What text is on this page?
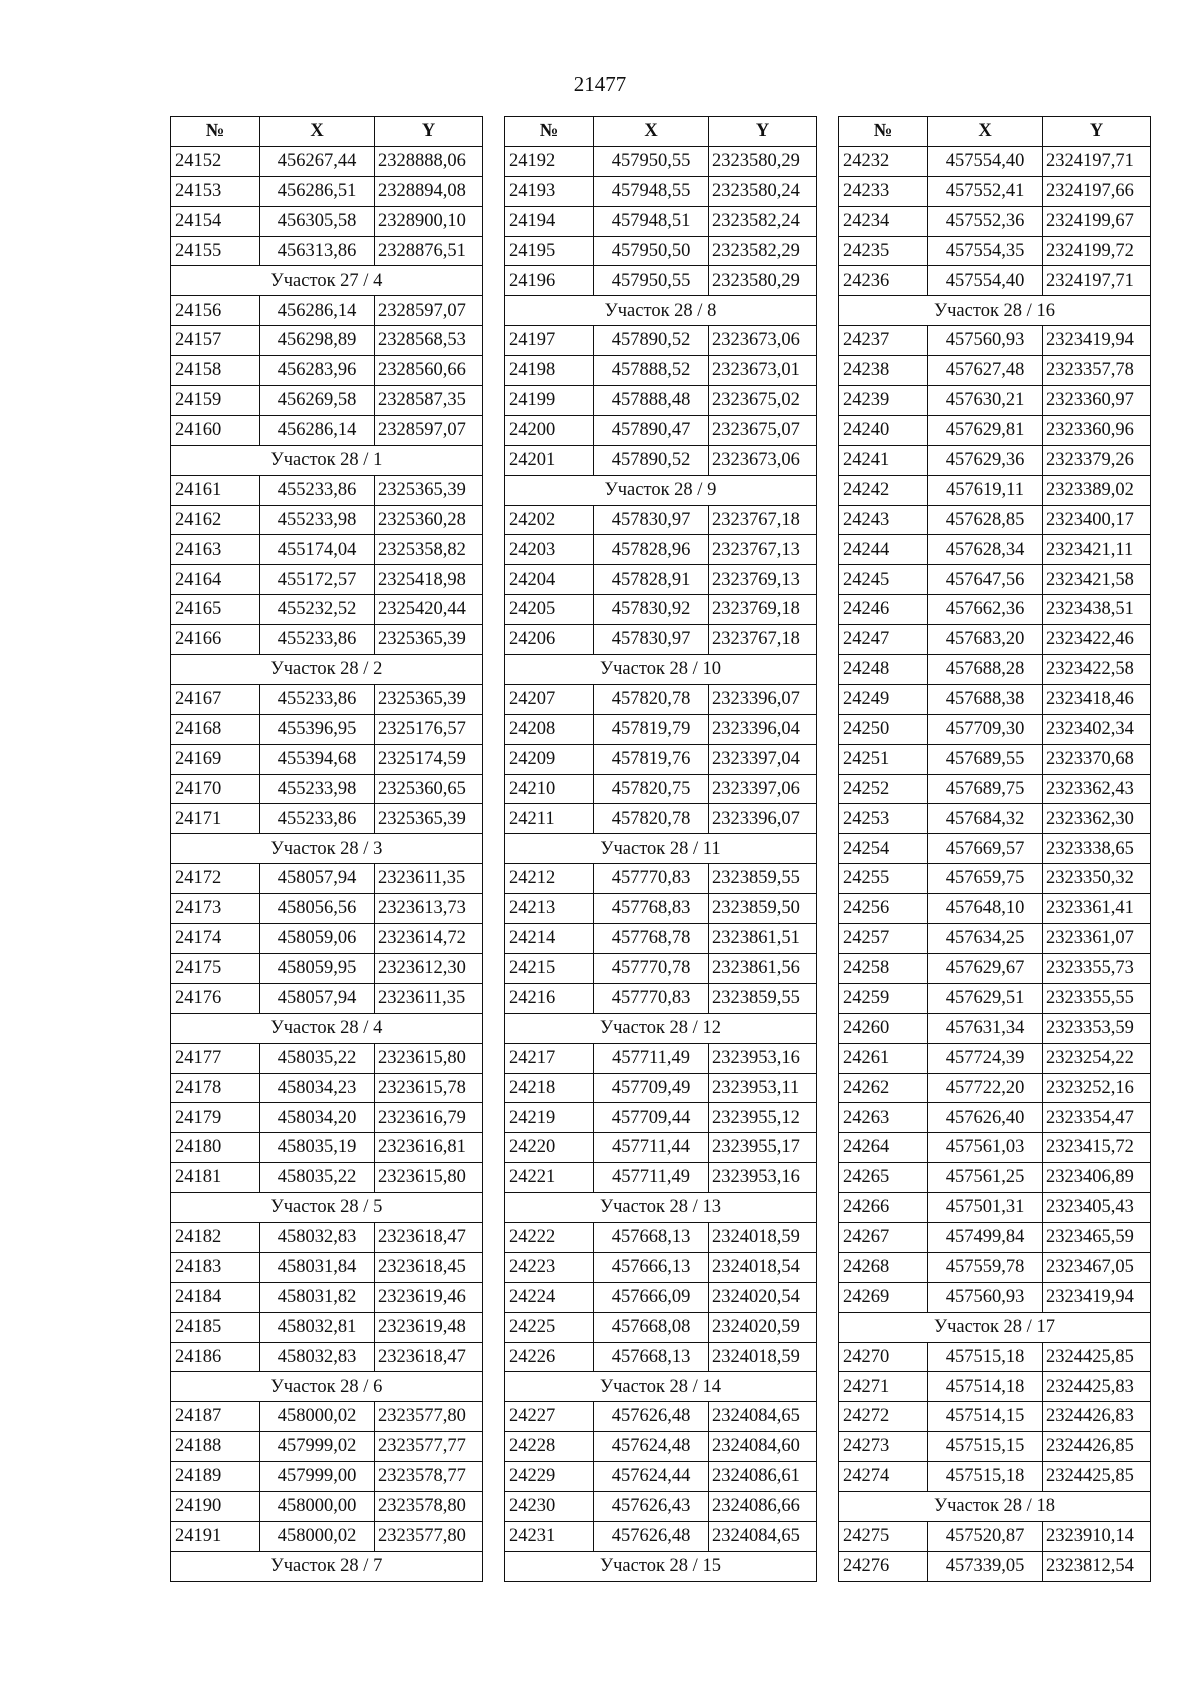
21477
№	X	Y
24152	456267,44	2328888,06
24153	456286,51	2328894,08
24154	456305,58	2328900,10
24155	456313,86	2328876,51
Участок 27 / 4		
24156	456286,14	2328597,07
24157	456298,89	2328568,53
24158	456283,96	2328560,66
24159	456269,58	2328587,35
24160	456286,14	2328597,07
Участок 28 / 1		
24161	455233,86	2325365,39
24162	455233,98	2325360,28
24163	455174,04	2325358,82
24164	455172,57	2325418,98
24165	455232,52	2325420,44
24166	455233,86	2325365,39
Участок 28 / 2		
24167	455233,86	2325365,39
24168	455396,95	2325176,57
24169	455394,68	2325174,59
24170	455233,98	2325360,65
24171	455233,86	2325365,39
Участок 28 / 3		
24172	458057,94	2323611,35
24173	458056,56	2323613,73
24174	458059,06	2323614,72
24175	458059,95	2323612,30
24176	458057,94	2323611,35
Участок 28 / 4		
24177	458035,22	2323615,80
24178	458034,23	2323615,78
24179	458034,20	2323616,79
24180	458035,19	2323616,81
24181	458035,22	2323615,80
Участок 28 / 5		
24182	458032,83	2323618,47
24183	458031,84	2323618,45
24184	458031,82	2323619,46
24185	458032,81	2323619,48
24186	458032,83	2323618,47
Участок 28 / 6		
24187	458000,02	2323577,80
24188	457999,02	2323577,77
24189	457999,00	2323578,77
24190	458000,00	2323578,80
24191	458000,02	2323577,80
Участок 28 / 7		
№	X	Y
24192	457950,55	2323580,29
24193	457948,55	2323580,24
24194	457948,51	2323582,24
24195	457950,50	2323582,29
24196	457950,55	2323580,29
Участок 28 / 8		
24197	457890,52	2323673,06
24198	457888,52	2323673,01
24199	457888,48	2323675,02
24200	457890,47	2323675,07
24201	457890,52	2323673,06
Участок 28 / 9		
24202	457830,97	2323767,18
24203	457828,96	2323767,13
24204	457828,91	2323769,13
24205	457830,92	2323769,18
24206	457830,97	2323767,18
Участок 28 / 10		
24207	457820,78	2323396,07
24208	457819,79	2323396,04
24209	457819,76	2323397,04
24210	457820,75	2323397,06
24211	457820,78	2323396,07
Участок 28 / 11		
24212	457770,83	2323859,55
24213	457768,83	2323859,50
24214	457768,78	2323861,51
24215	457770,78	2323861,56
24216	457770,83	2323859,55
Участок 28 / 12		
24217	457711,49	2323953,16
24218	457709,49	2323953,11
24219	457709,44	2323955,12
24220	457711,44	2323955,17
24221	457711,49	2323953,16
Участок 28 / 13		
24222	457668,13	2324018,59
24223	457666,13	2324018,54
24224	457666,09	2324020,54
24225	457668,08	2324020,59
24226	457668,13	2324018,59
Участок 28 / 14		
24227	457626,48	2324084,65
24228	457624,48	2324084,60
24229	457624,44	2324086,61
24230	457626,43	2324086,66
24231	457626,48	2324084,65
Участок 28 / 15		
№	X	Y
24232	457554,40	2324197,71
24233	457552,41	2324197,66
24234	457552,36	2324199,67
24235	457554,35	2324199,72
24236	457554,40	2324197,71
Участок 28 / 16		
24237	457560,93	2323419,94
24238	457627,48	2323357,78
24239	457630,21	2323360,97
24240	457629,81	2323360,96
24241	457629,36	2323379,26
24242	457619,11	2323389,02
24243	457628,85	2323400,17
24244	457628,34	2323421,11
24245	457647,56	2323421,58
24246	457662,36	2323438,51
24247	457683,20	2323422,46
24248	457688,28	2323422,58
24249	457688,38	2323418,46
24250	457709,30	2323402,34
24251	457689,55	2323370,68
24252	457689,75	2323362,43
24253	457684,32	2323362,30
24254	457669,57	2323338,65
24255	457659,75	2323350,32
24256	457648,10	2323361,41
24257	457634,25	2323361,07
24258	457629,67	2323355,73
24259	457629,51	2323355,55
24260	457631,34	2323353,59
24261	457724,39	2323254,22
24262	457722,20	2323252,16
24263	457626,40	2323354,47
24264	457561,03	2323415,72
24265	457561,25	2323406,89
24266	457501,31	2323405,43
24267	457499,84	2323465,59
24268	457559,78	2323467,05
24269	457560,93	2323419,94
Участок 28 / 17		
24270	457515,18	2324425,85
24271	457514,18	2324425,83
24272	457514,15	2324426,83
24273	457515,15	2324426,85
24274	457515,18	2324425,85
Участок 28 / 18		
24275	457520,87	2323910,14
24276	457339,05	2323812,54
